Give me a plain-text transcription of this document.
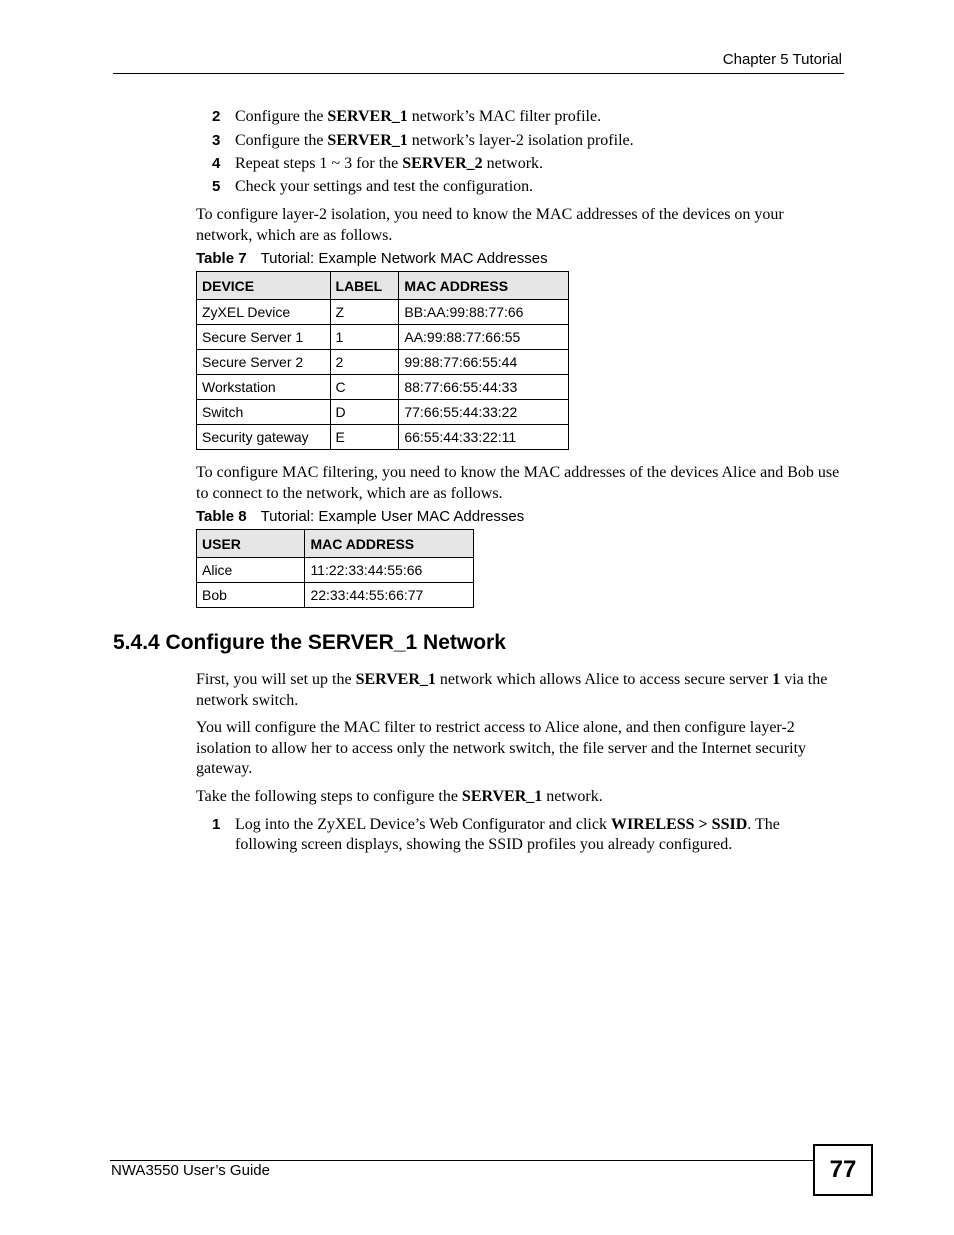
Chapter 5 Tutorial
2 Configure the SERVER_1 network’s MAC filter profile.
3 Configure the SERVER_1 network’s layer-2 isolation profile.
4 Repeat steps 1 ~ 3 for the SERVER_2 network.
5 Check your settings and test the configuration.
To configure layer-2 isolation, you need to know the MAC addresses of the devices on your network, which are as follows.
Table 7 Tutorial: Example Network MAC Addresses
DEVICE	LABEL	MAC ADDRESS
ZyXEL Device	Z	BB:AA:99:88:77:66
Secure Server 1	1	AA:99:88:77:66:55
Secure Server 2	2	99:88:77:66:55:44
Workstation	C	88:77:66:55:44:33
Switch	D	77:66:55:44:33:22
Security gateway	E	66:55:44:33:22:11
To configure MAC filtering, you need to know the MAC addresses of the devices Alice and Bob use to connect to the network, which are as follows.
Table 8 Tutorial: Example User MAC Addresses
USER	MAC ADDRESS
Alice	11:22:33:44:55:66
Bob	22:33:44:55:66:77
5.4.4 Configure the SERVER_1 Network
First, you will set up the SERVER_1 network which allows Alice to access secure server 1 via the network switch.
You will configure the MAC filter to restrict access to Alice alone, and then configure layer-2 isolation to allow her to access only the network switch, the file server and the Internet security gateway.
Take the following steps to configure the SERVER_1 network.
1 Log into the ZyXEL Device’s Web Configurator and click WIRELESS > SSID. The following screen displays, showing the SSID profiles you already configured.
NWA3550 User’s Guide	77
